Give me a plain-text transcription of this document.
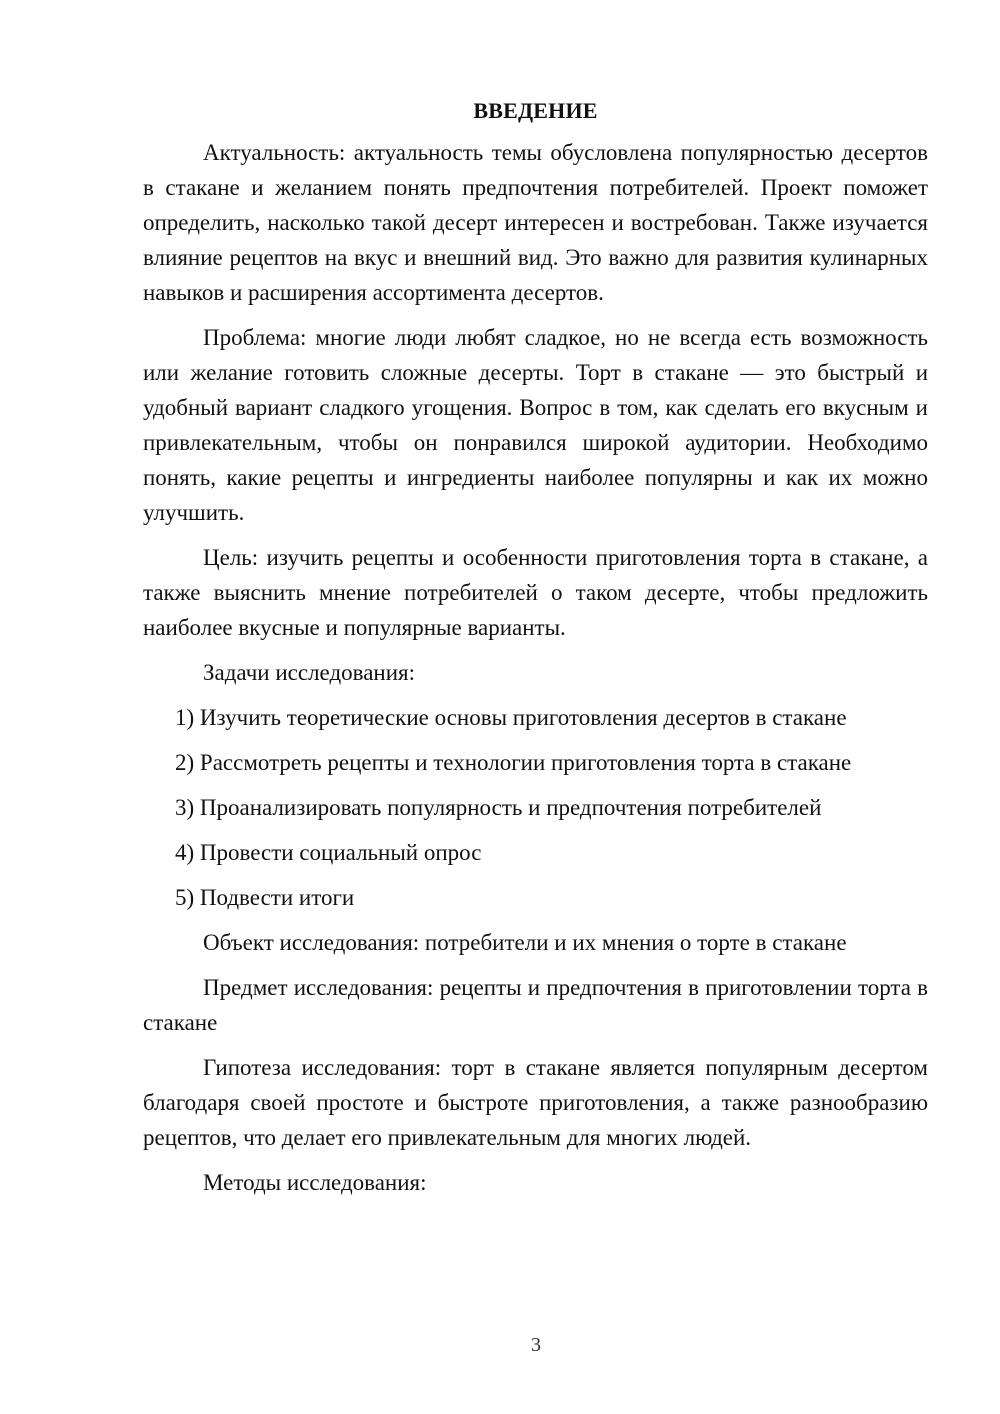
ВВЕДЕНИЕ

Актуальность: актуальность темы обусловлена популярностью десертов в стакане и желанием понять предпочтения потребителей. Проект поможет определить, насколько такой десерт интересен и востребован. Также изучается влияние рецептов на вкус и внешний вид. Это важно для развития кулинарных навыков и расширения ассортимента десертов.

Проблема: многие люди любят сладкое, но не всегда есть возможность или желание готовить сложные десерты. Торт в стакане — это быстрый и удобный вариант сладкого угощения. Вопрос в том, как сделать его вкусным и привлекательным, чтобы он понравился широкой аудитории. Необходимо понять, какие рецепты и ингредиенты наиболее популярны и как их можно улучшить.

Цель: изучить рецепты и особенности приготовления торта в стакане, а также выяснить мнение потребителей о таком десерте, чтобы предложить наиболее вкусные и популярные варианты.

Задачи исследования:

1) Изучить теоретические основы приготовления десертов в стакане
2) Рассмотреть рецепты и технологии приготовления торта в стакане
3) Проанализировать популярность и предпочтения потребителей
4) Провести социальный опрос
5) Подвести итоги

Объект исследования: потребители и их мнения о торте в стакане

Предмет исследования: рецепты и предпочтения в приготовлении торта в стакане

Гипотеза исследования: торт в стакане является популярным десертом благодаря своей простоте и быстроте приготовления, а также разнообразию рецептов, что делает его привлекательным для многих людей.

Методы исследования:

3
